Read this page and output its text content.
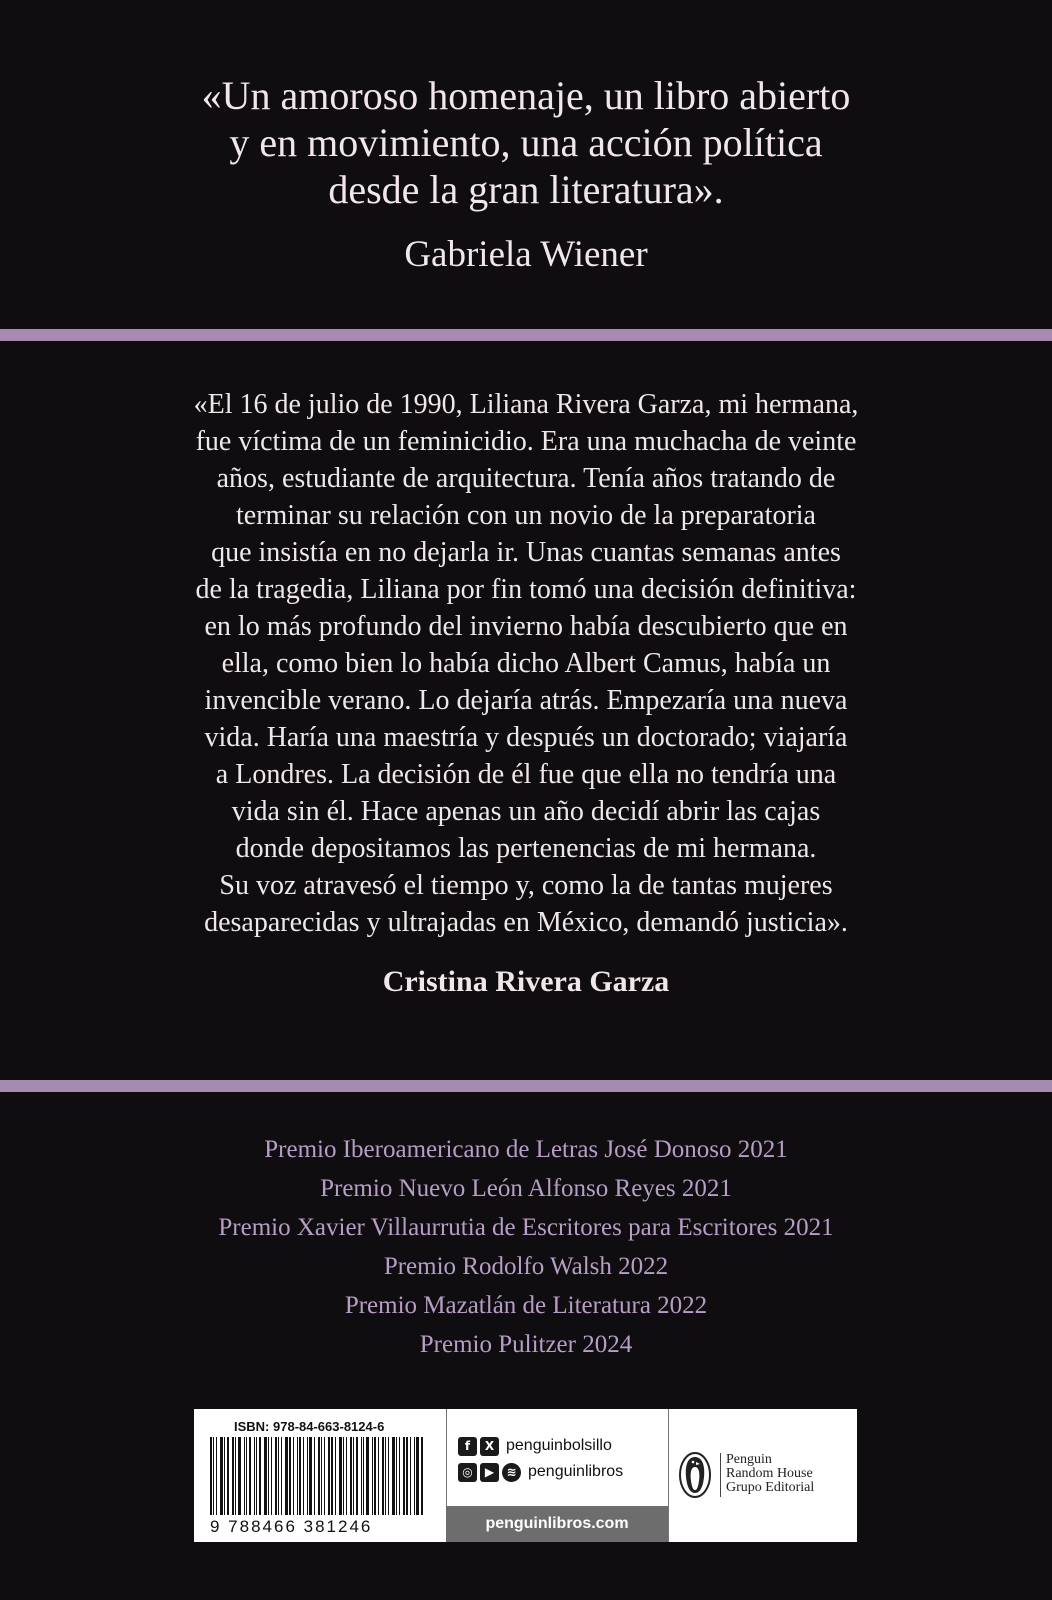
«Un amoroso homenaje, un libro abierto
y en movimiento, una acción política
desde la gran literatura».
Gabriela Wiener
«El 16 de julio de 1990, Liliana Rivera Garza, mi hermana,
fue víctima de un feminicidio. Era una muchacha de veinte
años, estudiante de arquitectura. Tenía años tratando de
terminar su relación con un novio de la preparatoria
que insistía en no dejarla ir. Unas cuantas semanas antes
de la tragedia, Liliana por fin tomó una decisión definitiva:
en lo más profundo del invierno había descubierto que en
ella, como bien lo había dicho Albert Camus, había un
invencible verano. Lo dejaría atrás. Empezaría una nueva
vida. Haría una maestría y después un doctorado; viajaría
a Londres. La decisión de él fue que ella no tendría una
vida sin él. Hace apenas un año decidí abrir las cajas
donde depositamos las pertenencias de mi hermana.
Su voz atravesó el tiempo y, como la de tantas mujeres
desaparecidas y ultrajadas en México, demandó justicia».
Cristina Rivera Garza
Premio Iberoamericano de Letras José Donoso 2021
Premio Nuevo León Alfonso Reyes 2021
Premio Xavier Villaurrutia de Escritores para Escritores 2021
Premio Rodolfo Walsh 2022
Premio Mazatlán de Literatura 2022
Premio Pulitzer 2024
ISBN: 978-84-663-8124-6
9 788466 381246
f	X penguinbolsillo
◎	▶	≋ penguinlibros
penguinlibros.com
Penguin
Random House
Grupo Editorial
